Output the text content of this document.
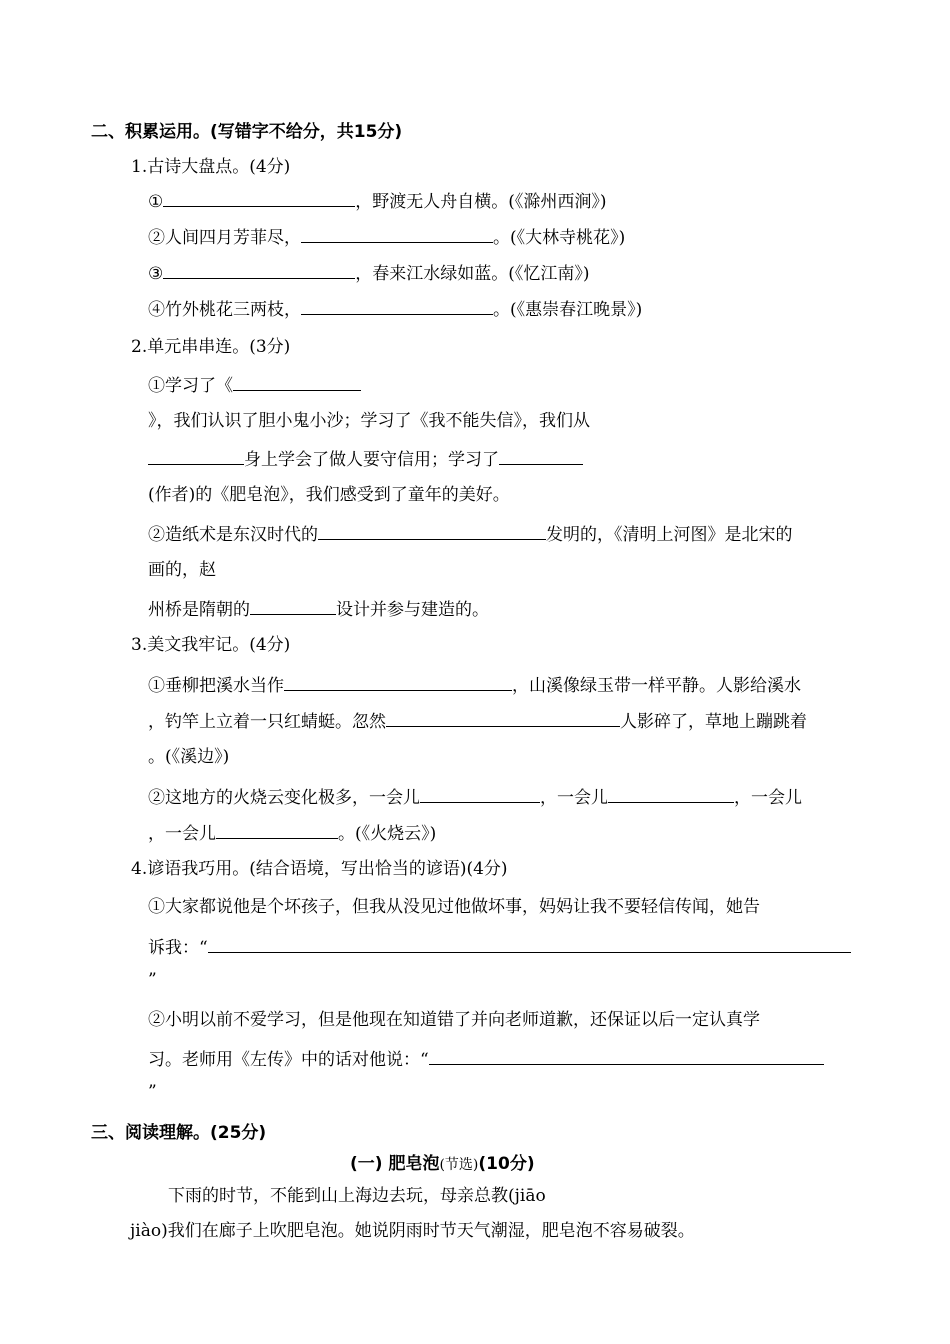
二、积累运用。(写错字不给分，共15分)
1.古诗大盘点。(4分)
①	，野渡无人舟自横。(《滁州西涧》)
②人间四月芳菲尽，	。(《大林寺桃花》)
③	，春来江水绿如蓝。(《忆江南》)
④竹外桃花三两枝，	。(《惠崇春江晚景》)
2.单元串串连。(3分)
①学习了《
》，我们认识了胆小鬼小沙；学习了《我不能失信》，我们从
身上学会了做人要守信用；学习了
(作者)的《肥皂泡》，我们感受到了童年的美好。
②造纸术是东汉时代的	发明的，《清明上河图》是北宋的
画的，赵
州桥是隋朝的	设计并参与建造的。
3.美文我牢记。(4分)
①垂柳把溪水当作	，山溪像绿玉带一样平静。人影给溪水
，钓竿上立着一只红蜻蜓。忽然	人影碎了，草地上蹦跳着
。(《溪边》)
②这地方的火烧云变化极多，一会儿	，一会儿	，一会儿
，一会儿	。(《火烧云》)
4.谚语我巧用。(结合语境，写出恰当的谚语)(4分)
①大家都说他是个坏孩子，但我从没见过他做坏事，妈妈让我不要轻信传闻，她告
诉我：“
”
②小明以前不爱学习，但是他现在知道错了并向老师道歉，还保证以后一定认真学
习。老师用《左传》中的话对他说：“
”
三、阅读理解。(25分)
(一) 肥皂泡(节选)(10分)
下雨的时节，不能到山上海边去玩，母亲总教(jiāo
jiào)我们在廊子上吹肥皂泡。她说阴雨时节天气潮湿，肥皂泡不容易破裂。
